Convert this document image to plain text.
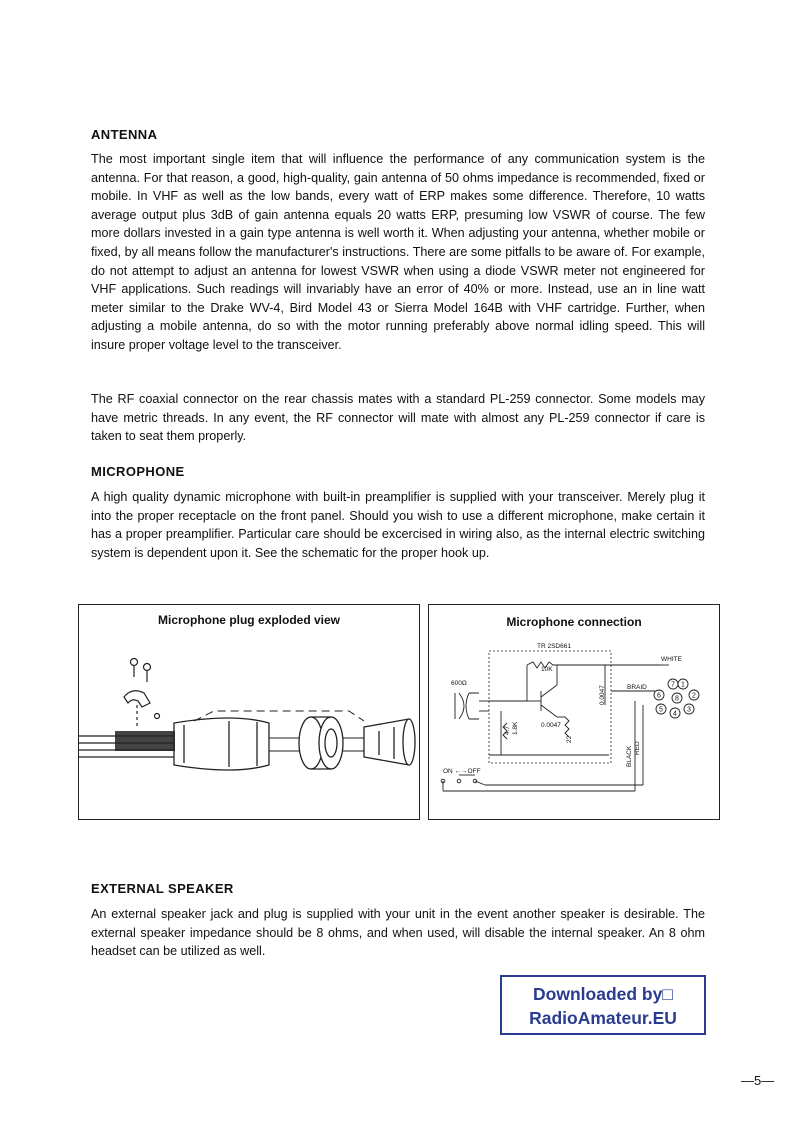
ANTENNA

The most important single item that will influence the performance of any communication system is the antenna. For that reason, a good, high-quality, gain antenna of 50 ohms impedance is recommended, fixed or mobile. In VHF as well as the low bands, every watt of ERP makes some difference. Therefore, 10 watts average output plus 3dB of gain antenna equals 20 watts ERP, presuming low VSWR of course. The few more dollars invested in a gain type antenna is well worth it. When adjusting your antenna, whether mobile or fixed, by all means follow the manufacturer's instructions. There are some pitfalls to be aware of. For example, do not attempt to adjust an antenna for lowest VSWR when using a diode VSWR meter not engineered for VHF applications. Such readings will invariably have an error of 40% or more. Instead, use an in line watt meter similar to the Drake WV-4, Bird Model 43 or Sierra Model 164B with VHF cartridge. Further, when adjusting a mobile antenna, do so with the motor running preferably above normal idling speed. This will insure proper voltage level to the transceiver.

The RF coaxial connector on the rear chassis mates with a standard PL-259 connector. Some models may have metric threads. In any event, the RF connector will mate with almost any PL-259 connector if care is taken to seat them properly.

MICROPHONE

A high quality dynamic microphone with built-in preamplifier is supplied with your transceiver. Merely plug it into the proper receptacle on the front panel. Should you wish to use a different microphone, make certain it has a proper preamplifier. Particular care should be excercised in wiring also, as the internal electric switching system is dependent upon it. See the schematic for the proper hook up.

Microphone plug exploded view	Microphone connection
TR 2SD661
10K
600Ω
0.0047
ON ←→OFF
WHITE
BRAID
0.0047
4.7 1.8K
22
BLACK RED
7 1
6 8 2
5
4
3
EXTERNAL SPEAKER

An external speaker jack and plug is supplied with your unit in the event another speaker is desirable. The external speaker impedance should be 8 ohms, and when used, will disable the internal speaker. An 8 ohm headset can be utilized as well.

Downloaded by□
RadioAmateur.EU
—5—
